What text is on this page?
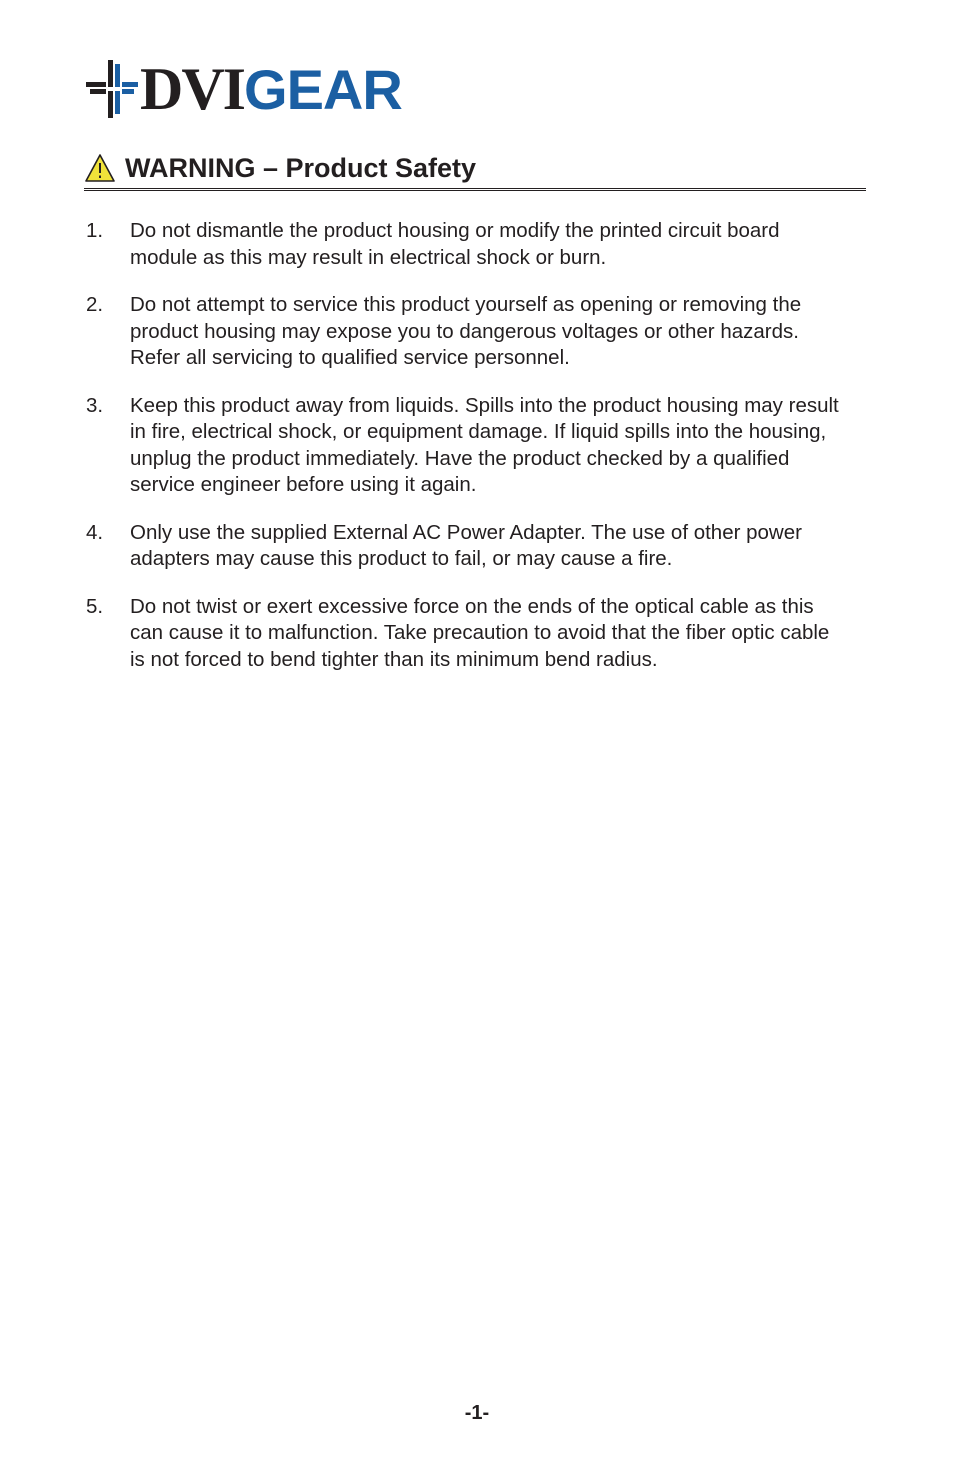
DVI GEAR
WARNING – Product Safety
1.	Do not dismantle the product housing or modify the printed circuit board
module as this may result in electrical shock or burn.
2.	Do not attempt to service this product yourself as opening or removing the
product housing may expose you to dangerous voltages or other hazards.
Refer all servicing to qualified service personnel.
3.	Keep this product away from liquids. Spills into the product housing may result
in fire, electrical shock, or equipment damage. If liquid spills into the housing,
unplug the product immediately. Have the product checked by a qualified
service engineer before using it again.
4.	Only use the supplied External AC Power Adapter. The use of other power
adapters may cause this product to fail, or may cause a fire.
5.	Do not twist or exert excessive force on the ends of the optical cable as this
can cause it to malfunction. Take precaution to avoid that the fiber optic cable
is not forced to bend tighter than its minimum bend radius.
-1-
